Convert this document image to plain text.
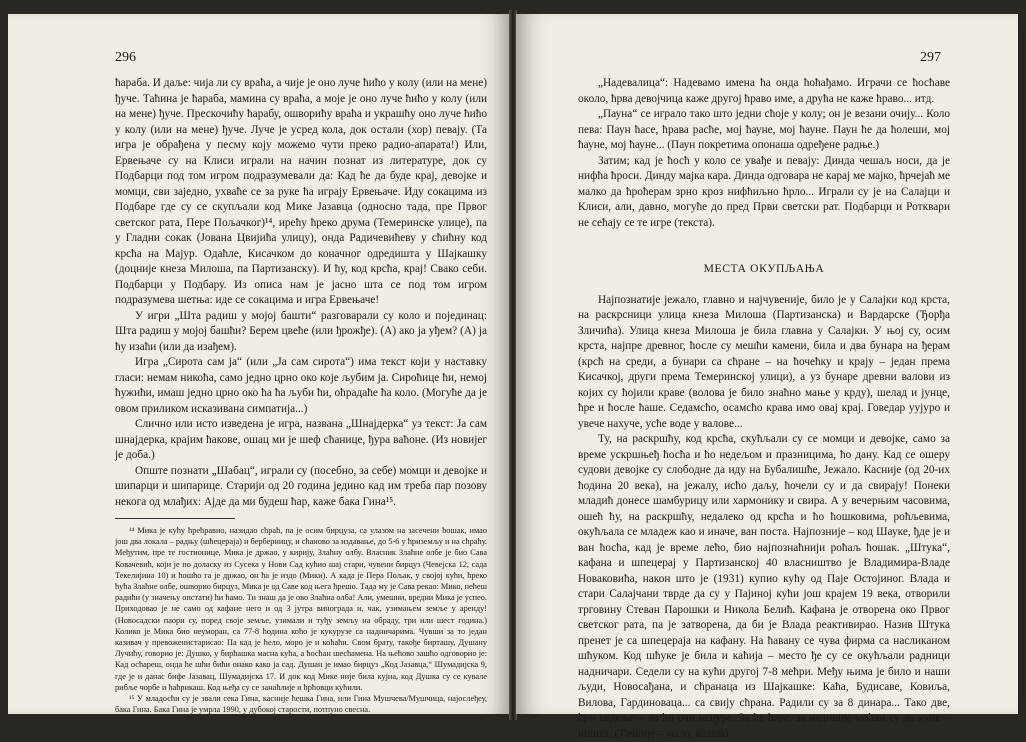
296

ћараба. И даље: чија ли су враћа, а чије је оно луче ћићо у колу (или на мене) ђуче. Таћина је ћараба, мамина су враћа, а моје је оно луче ћићо у колу (или на мене) ђуче. Прескочићу ћарабу, ошворићу враћа и украшћу оно луче ћићо у колу (или на мене) ђуче. Луче је усред кола, док остали (хор) певају. (Та игра је обрађена у песму коју можемо чути преко радио-апарата!) Или, Ервењаче су на Клиси играли на начин познат из литературе, док су Подбарци под том игром подразумевали да: Кад ће да буде крај, девојке и момци, сви заједно, ухваће се за руке ћа играју Ервењаче. Иду сокацима из Подбаре где су се скупљали код Мике Јазавца (односно тада, пре Првог светског рата, Пере Пољачког)¹⁴, ирећу ћреко друма (Темеринске улице), па у Гладни сокак (Јована Цвијића улицу), онда Радичевићеву у сћићну код крсћа на Мајур. Одаћле, Кисачком до коначног одредишта у Шајкашку (доцније кнеза Милоша, па Партизанску). И ћу, код крсћа, крај! Свако себи. Подбарци у Подбару. Из описа нам је јасно шта се под том игром подразумева шетња: иде се сокацима и игра Ервењаче!

У игри „Шта радиш у мојој башти“ разговарали су коло и појединац: Шта радиш у мојој башћи? Берем цвеће (или ђрожђе). (А) ако ја уђем? (А) ја ћу изаћи (или да изађем).

Игра „Сирота сам ја“ (или „Ја сам сирота“) има текст који у наставку гласи: немам никоћа, само једно црно око које љубим ја. Сироћице ћи, немој ћужићи, имаш једно црно око ћа ћа љуби ћи, оћрадаће ћа коло. (Могуће да је овом приликом исказивана симпатија...)

Слично или исто изведена је игра, названа „Шнајдерка“ уз текст: Ја сам шнајдерка, крајим ћакове, ошац ми је шеф сћанице, ђура ваћоне. (Из новијег је доба.)

Опште познати „Шабац“, играли су (посебно, за себе) момци и девојке и шипарци и шипарице. Старији од 20 година једино кад им треба пар позову некога од млађих: Ајде да ми будеш ћар, каже бака Гина¹⁵.

¹⁴ Мика је кућу ћрећравио, назидао сћраћ, па је осим бирцуза, са улазом на засечени ћошак, имао још два локала – радњу (шћецераја) и берберницу, и сћаново за издавање, до 5-6 у ћриземљу и на сћраћу. Међутим, пре те гостионице, Мика је држао, у кирију, Злаћну олбу. Власник Злаћне олбе је био Сава Ковачевић, који је по доласку из Сусека у Нови Сад кућио шај стари, чувени бирцуз (Чевејска 12, сада Текелијина 10) и ћошћо га је држао, он ћа је издо (Мики). А када је Пера Пољак, у својој кући, ћреко ћућа Злаћне олбе, ошворио бирцуз, Мика је од Саве код њега ћрешо. Тада му је Сава рекао: Мико, нећеш радићи (у значењу опстати) ћи ћамо. Ти знаш да је ово Злаћна олба! Али, умешни, вредни Мика је успео. Приходовао је не само од кафане него и од 3 јутра винограда и, чак, узимањем земље у аренду! (Новосадски паори су, поред своје земље, узимали и туђу земљу на обраду, три или шест година.) Колико је Мика био неуморан, са 77-8 ћодина коћо је кукурузе са надничарима. Чувши за то један казивач у превоженистарисао: Па кад је ћело, моро је и коћаћи. Свом брату, такође бирташу, Душану Лучићу, говорио је: Душко, у бирћашка масна кућа, а ћосћан шесћамена. На њећово зашћо одговорио је: Кад осћареш, онда ће шћи бићи онако како ја сад. Душан је имао бирцуз „Код Јазавца,“ Шумадијска 9, где је и данас бифе Јазавац, Шумадијска 17. И док код Мике није била кујна, код Душка су се кувале рибље чорбе и ћаћрикаш. Код њеђа су се занаћлије и ћрћовци кућили.

¹⁵ У младосћи су је звали сека Гина, касније ћешка Гина, или Гина Мушчева/Мушчица, најослеђеу, бака Гина. Бака Гина је умрла 1990, у дубокој старости, потпуно свесна.

297

„Надевалица“: Надевамо имена ћа онда ћоћађамо. Играчи се ћосћаве около, ћрва девојчица каже другој ћраво име, а друћа не каже ћраво... итд.

„Пауна“ се играло тако што једни сћоје у колу; он је везани очију... Коло пева: Паун ћасе, ћрава расће, мој ћауне, мој ћауне. Паун ће да ћолеши, мој ћауне, мој ћауне... (Паун покретима опонаша одређене радње.)

Затим; кад је ћосћ у коло се увађе и певају: Динда чешаљ носи, да је нифћа ћроси. Динду мајка кара. Динда одговара не карај ме мајко, ћрчејаћ ме малко да ћроћерам зрно кроз нифћиљно ћрло... Играли су је на Салајци и Клиси, али, давно, могуће до пред Први светски рат. Подбарци и Ротквари не сећају се те игре (текста).

МЕСТА ОКУПЉАЊА

Најпознатије јежало, главно и најчувеније, било је у Салајки код крста, на раскрсници улица кнеза Милоша (Партизанска) и Вардарске (Ђорђа Зличића). Улица кнеза Милоша је била главна у Салајки. У њој су, осим крста, најпре древног, ћосле су мешћи камени, била и два бунара на ђерам (крсћ на среди, а бунари са сћране – на ћочећку и крају – један према Кисачкој, други према Темеринској улици), а уз бунаре древни валови из којих су ћојили краве (волова је било знаћно мање у крду), шелад и јунце, ћре и ћосле ћаше. Седамсћо, осамсћо крава имо овај крај. Говедар уујуро и увече нахуче, усће воде у валове...

Ту, на раскршћу, код крсћа, скућљали су се момци и девојке, само за време ускршњеђ ћосћа и ћо недељом и празницима, ћо дану. Кад се ошеру судови девојке су слободне да иду на Бубалишће, Јежало. Касније (од 20-их ћодина 20 века), на јежалу, исћо даљу, ћочели су и да свирају! Понеки младић донесе шамбурицу или хармонику и свира. А у вечерњим часовима, ошећ ћу, на раскршћу, недалеко од крсћа и ћо ћошковима, роћљевима, окућљала се младеж као и иначе, ван поста. Најпозније – код Шауке, ђде је и ван ћосћа, кад је време лећо, био најпознаћнији роћаљ ћошак. „Штука“, кафана и шпецерај у Партизанској 40 власништво је Владимира-Владе Новаковића, након што је (1931) купио кућу од Паје Остојиног. Влада и стари Салајчани тврде да су у Пајиној кући још крајем 19 века, отворили трговину Стеван Парошки и Никола Белић. Кафана је отворена око Првог светског рата, па је затворена, да би је Влада реактивирао. Назив Штука пренет је са шпецераја на кафану. На ћавану се чува фирма са насликаном шћуком. Код шћуке је била и каћија – место ђе су се окућљали радници надничари. Седели су на кући другој 7-8 мећри. Међу њима је било и наши људи, Новосађана, и сћранаца из Шајкашке: Каћа, Будисаве, Ковиља, Вилова, Гардиноваца... са свију сћрана. Радили су за 8 динара... Тако две, ћри недеље – да ћи очи исцуре. За ће ћаре, за надницу, моћли су да купе – ништа. (Тачније – мало, колико
